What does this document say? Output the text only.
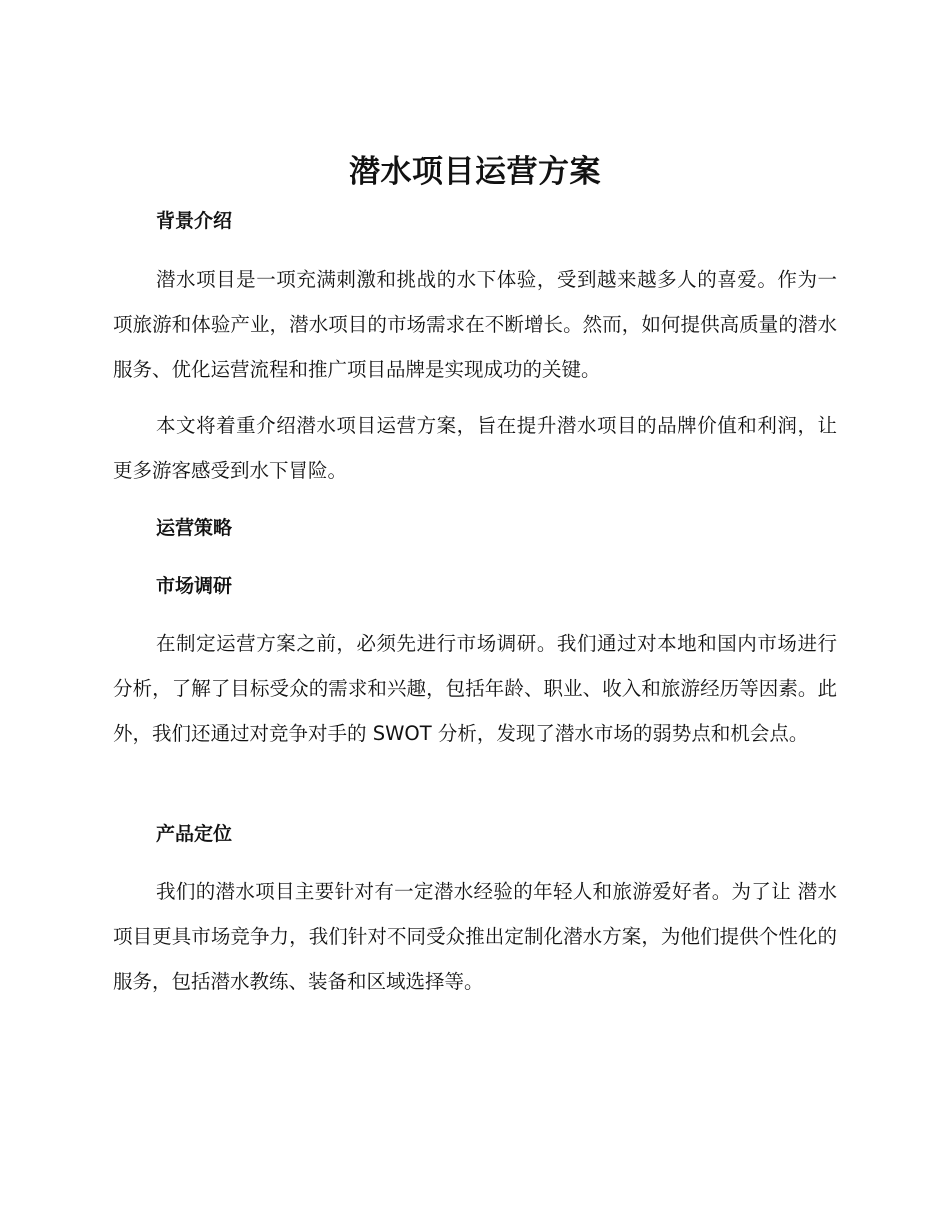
潜水项目运营方案
背景介绍

潜水项目是一项充满刺激和挑战的水下体验，受到越来越多人的喜爱。作为一项旅游和体验产业，潜水项目的市场需求在不断增长。然而，如何提供高质量的潜水服务、优化运营流程和推广项目品牌是实现成功的关键。

本文将着重介绍潜水项目运营方案，旨在提升潜水项目的品牌价值和利润，让更多游客感受到水下冒险。

运营策略
市场调研

在制定运营方案之前，必须先进行市场调研。我们通过对本地和国内市场进行分析，了解了目标受众的需求和兴趣，包括年龄、职业、收入和旅游经历等因素。此外，我们还通过对竞争对手的 SWOT 分析，发现了潜水市场的弱势点和机会点。

产品定位

我们的潜水项目主要针对有一定潜水经验的年轻人和旅游爱好者。为了让 潜水项目更具市场竞争力，我们针对不同受众推出定制化潜水方案，为他们提供个性化的服务，包括潜水教练、装备和区域选择等。
